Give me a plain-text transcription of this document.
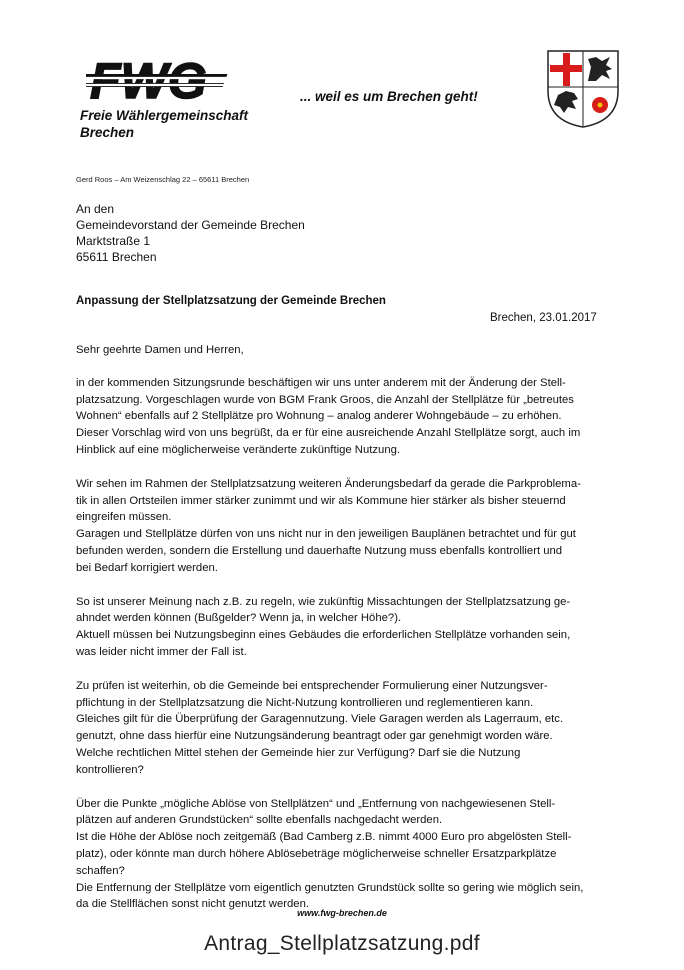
FWG
Freie Wählergemeinschaft
Brechen
... weil es um Brechen geht!
Gerd Roos – Am Weizenschlag 22 – 65611 Brechen
An den
Gemeindevorstand der Gemeinde Brechen
Marktstraße 1
65611 Brechen
Anpassung der Stellplatzsatzung der Gemeinde Brechen
Brechen, 23.01.2017

Sehr geehrte Damen und Herren,

in der kommenden Sitzungsrunde beschäftigen wir uns unter anderem mit der Änderung der Stell-
platzsatzung. Vorgeschlagen wurde von BGM Frank Groos, die Anzahl der Stellplätze für „betreutes
Wohnen“ ebenfalls auf 2 Stellplätze pro Wohnung – analog anderer Wohngebäude – zu erhöhen.
Dieser Vorschlag wird von uns begrüßt, da er für eine ausreichende Anzahl Stellplätze sorgt, auch im
Hinblick auf eine möglicherweise veränderte zukünftige Nutzung.

Wir sehen im Rahmen der Stellplatzsatzung weiteren Änderungsbedarf da gerade die Parkproblema-
tik in allen Ortsteilen immer stärker zunimmt und wir als Kommune hier stärker als bisher steuernd
eingreifen müssen.
Garagen und Stellplätze dürfen von uns nicht nur in den jeweiligen Bauplänen betrachtet und für gut
befunden werden, sondern die Erstellung und dauerhafte Nutzung muss ebenfalls kontrolliert und
bei Bedarf korrigiert werden.

So ist unserer Meinung nach z.B. zu regeln, wie zukünftig Missachtungen der Stellplatzsatzung ge-
ahndet werden können (Bußgelder? Wenn ja, in welcher Höhe?).
Aktuell müssen bei Nutzungsbeginn eines Gebäudes die erforderlichen Stellplätze vorhanden sein,
was leider nicht immer der Fall ist.

Zu prüfen ist weiterhin, ob die Gemeinde bei entsprechender Formulierung einer Nutzungsver-
pflichtung in der Stellplatzsatzung die Nicht-Nutzung kontrollieren und reglementieren kann.
Gleiches gilt für die Überprüfung der Garagennutzung. Viele Garagen werden als Lagerraum, etc.
genutzt, ohne dass hierfür eine Nutzungsänderung beantragt oder gar genehmigt worden wäre.
Welche rechtlichen Mittel stehen der Gemeinde hier zur Verfügung? Darf sie die Nutzung
kontrollieren?

Über die Punkte „mögliche Ablöse von Stellplätzen“ und „Entfernung von nachgewiesenen Stell-
plätzen auf anderen Grundstücken“ sollte ebenfalls nachgedacht werden.
Ist die Höhe der Ablöse noch zeitgemäß (Bad Camberg z.B. nimmt 4000 Euro pro abgelösten Stell-
platz), oder könnte man durch höhere Ablösebeträge möglicherweise schneller Ersatzparkplätze
schaffen?
Die Entfernung der Stellplätze vom eigentlich genutzten Grundstück sollte so gering wie möglich sein,
da die Stellflächen sonst nicht genutzt werden.

www.fwg-brechen.de
Antrag_Stellplatzsatzung.pdf
